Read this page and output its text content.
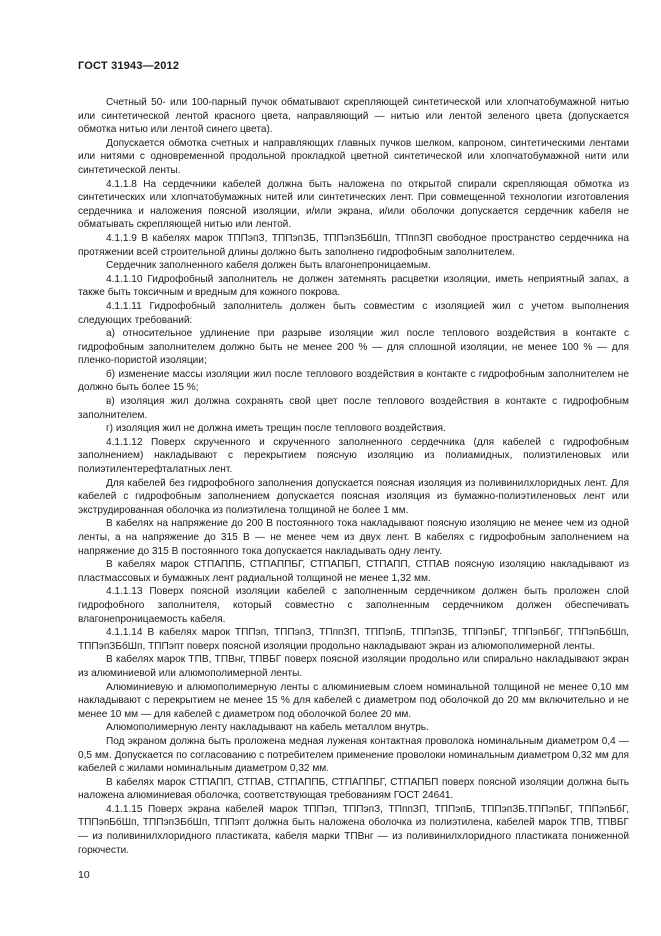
ГОСТ 31943—2012

Счетный 50- или 100-парный пучок обматывают скрепляющей синтетической или хлопчатобумажной нитью или синтетической лентой красного цвета, направляющий — нитью или лентой зеленого цвета (допускается обмотка нитью или лентой синего цвета).

Допускается обмотка счетных и направляющих главных пучков шелком, капроном, синтетическими лентами или нитями с одновременной продольной прокладкой цветной синтетической или хлопчатобумажной нити или синтетической ленты.

4.1.1.8 На сердечники кабелей должна быть наложена по открытой спирали скрепляющая обмотка из синтетических или хлопчатобумажных нитей или синтетических лент. При совмещенной технологии изготовления сердечника и наложения поясной изоляции, и/или экрана, и/или оболочки допускается сердечник кабеля не обматывать скрепляющей нитью или лентой.

4.1.1.9 В кабелях марок ТППэпЗ, ТППэпЗБ, ТППэпЗБбШп, ТПппЗП свободное пространство сердечника на протяжении всей строительной длины должно быть заполнено гидрофобным заполнителем.

Сердечник заполненного кабеля должен быть влагонепроницаемым.

4.1.1.10 Гидрофобный заполнитель не должен затемнять расцветки изоляции, иметь неприятный запах, а также быть токсичным и вредным для кожного покрова.

4.1.1.11 Гидрофобный заполнитель должен быть совместим с изоляцией жил с учетом выполнения следующих требований:

а) относительное удлинение при разрыве изоляции жил после теплового воздействия в контакте с гидрофобным заполнителем должно быть не менее 200 % — для сплошной изоляции, не менее 100 % — для пленко-пористой изоляции;

б) изменение массы изоляции жил после теплового воздействия в контакте с гидрофобным заполнителем не должно быть более 15 %;

в) изоляция жил должна сохранять свой цвет после теплового воздействия в контакте с гидрофобным заполнителем.

г) изоляция жил не должна иметь трещин после теплового воздействия.

4.1.1.12 Поверх скрученного и скрученного заполненного сердечника (для кабелей с гидрофобным заполнением) накладывают с перекрытием поясную изоляцию из полиамидных, полиэтиленовых или полиэтилентерефталатных лент.

Для кабелей без гидрофобного заполнения допускается поясная изоляция из поливинилхлоридных лент. Для кабелей с гидрофобным заполнением допускается поясная изоляция из бумажно-полиэтиленовых лент или экструдированная оболочка из полиэтилена толщиной не более 1 мм.

В кабелях на напряжение до 200 В постоянного тока накладывают поясную изоляцию не менее чем из одной ленты, а на напряжение до 315 В — не менее чем из двух лент. В кабелях с гидрофобным заполнением на напряжение до 315 В постоянного тока допускается накладывать одну ленту.

В кабелях марок СТПАППБ, СТПАППБГ, СТПАПБП, СТПАПП, СТПАВ поясную изоляцию накладывают из пластмассовых и бумажных лент радиальной толщиной не менее 1,32 мм.

4.1.1.13 Поверх поясной изоляции кабелей с заполненным сердечником должен быть проложен слой гидрофобного заполнителя, который совместно с заполненным сердечником должен обеспечивать влагонепроницаемость кабеля.

4.1.1.14 В кабелях марок ТППэп, ТППэпЗ, ТПппЗП, ТППэпБ, ТППэпЗБ, ТППэпБГ, ТППэпБбГ, ТППэпБбШп, ТППэпЗБбШп, ТППэпт поверх поясной изоляции продольно накладывают экран из алюмополимерной ленты.

В кабелях марок ТПВ, ТПВнг, ТПВБГ поверх поясной изоляции продольно или спирально накладывают экран из алюминиевой или алюмополимерной ленты.

Алюминиевую и алюмополимерную ленты с алюминиевым слоем номинальной толщиной не менее 0,10 мм накладывают с перекрытием не менее 15 % для кабелей с диаметром под оболочкой до 20 мм включительно и не менее 10 мм — для кабелей с диаметром под оболочкой более 20 мм.

Алюмополимерную ленту накладывают на кабель металлом внутрь.

Под экраном должна быть проложена медная луженая контактная проволока номинальным диаметром 0,4 — 0,5 мм. Допускается по согласованию с потребителем применение проволоки номинальным диаметром 0,32 мм для кабелей с жилами номинальным диаметром 0,32 мм.

В кабелях марок СТПАПП, СТПАВ, СТПАППБ, СТПАППБГ, СТПАПБП поверх поясной изоляции должна быть наложена алюминиевая оболочка, соответствующая требованиям ГОСТ 24641.

4.1.1.15 Поверх экрана кабелей марок ТППэп, ТППэпЗ, ТПппЗП, ТППэпБ, ТППэпЗБ.ТППэпБГ, ТППэпБбГ, ТППэпБбШп, ТППэпЗБбШп, ТППэпт должна быть наложена оболочка из полиэтилена, кабелей марок ТПВ, ТПВБГ — из поливинилхлоридного пластиката, кабеля марки ТПВнг — из поливинилхлоридного пластиката пониженной горючести.

10
